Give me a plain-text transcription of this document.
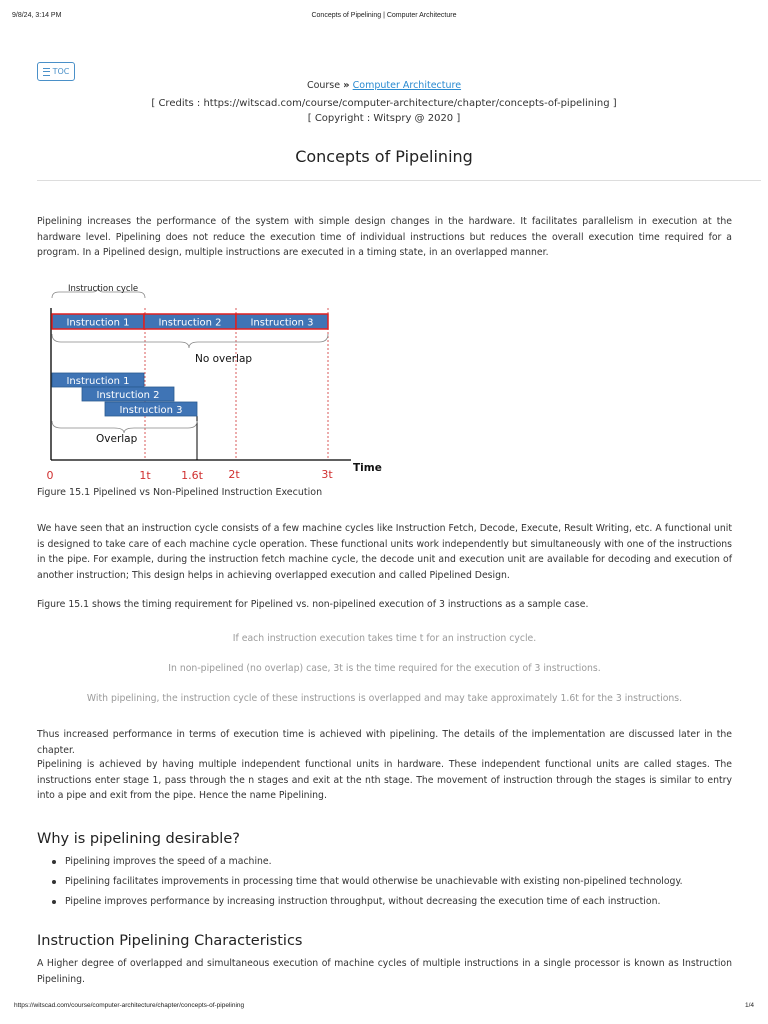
9/8/24, 3:14 PM	Concepts of Pipelining | Computer Architecture
TOC
Course » Computer Architecture
[ Credits : https://witscad.com/course/computer-architecture/chapter/concepts-of-pipelining ]
[ Copyright : Witspry @ 2020 ]
Concepts of Pipelining

Pipelining increases the performance of the system with simple design changes in the hardware. It facilitates parallelism in execution at the hardware level. Pipelining does not reduce the execution time of individual instructions but reduces the overall execution time required for a program. In a Pipelined design, multiple instructions are executed in a timing state, in an overlapped manner.

Instruction cycle
Instruction 1	Instruction 2	Instruction 3
No overlap
Instruction 1
Instruction 2
Instruction 3
Overlap
0	1t	1.6t 2t	3t Time
Figure 15.1 Pipelined vs Non-Pipelined Instruction Execution

We have seen that an instruction cycle consists of a few machine cycles like Instruction Fetch, Decode, Execute, Result Writing, etc. A functional unit is designed to take care of each machine cycle operation. These functional units work independently but simultaneously with one of the instructions in the pipe. For example, during the instruction fetch machine cycle, the decode unit and execution unit are available for decoding and execution of another instruction; This design helps in achieving overlapped execution and called Pipelined Design.

Figure 15.1 shows the timing requirement for Pipelined vs. non-pipelined execution of 3 instructions as a sample case.

If each instruction execution takes time t for an instruction cycle.

In non-pipelined (no overlap) case, 3t is the time required for the execution of 3 instructions.

With pipelining, the instruction cycle of these instructions is overlapped and may take approximately 1.6t for the 3 instructions.

Thus increased performance in terms of execution time is achieved with pipelining. The details of the implementation are discussed later in the chapter.

Pipelining is achieved by having multiple independent functional units in hardware. These independent functional units are called stages. The instructions enter stage 1, pass through the n stages and exit at the nth stage. The movement of instruction through the stages is similar to entry into a pipe and exit from the pipe. Hence the name Pipelining.

Why is pipelining desirable?
Pipelining improves the speed of a machine.
Pipelining facilitates improvements in processing time that would otherwise be unachievable with existing non-pipelined technology.
Pipeline improves performance by increasing instruction throughput, without decreasing the execution time of each instruction.
Instruction Pipelining Characteristics

A Higher degree of overlapped and simultaneous execution of machine cycles of multiple instructions in a single processor is known as Instruction Pipelining.

https://witscad.com/course/computer-architecture/chapter/concepts-of-pipelining	1/4
